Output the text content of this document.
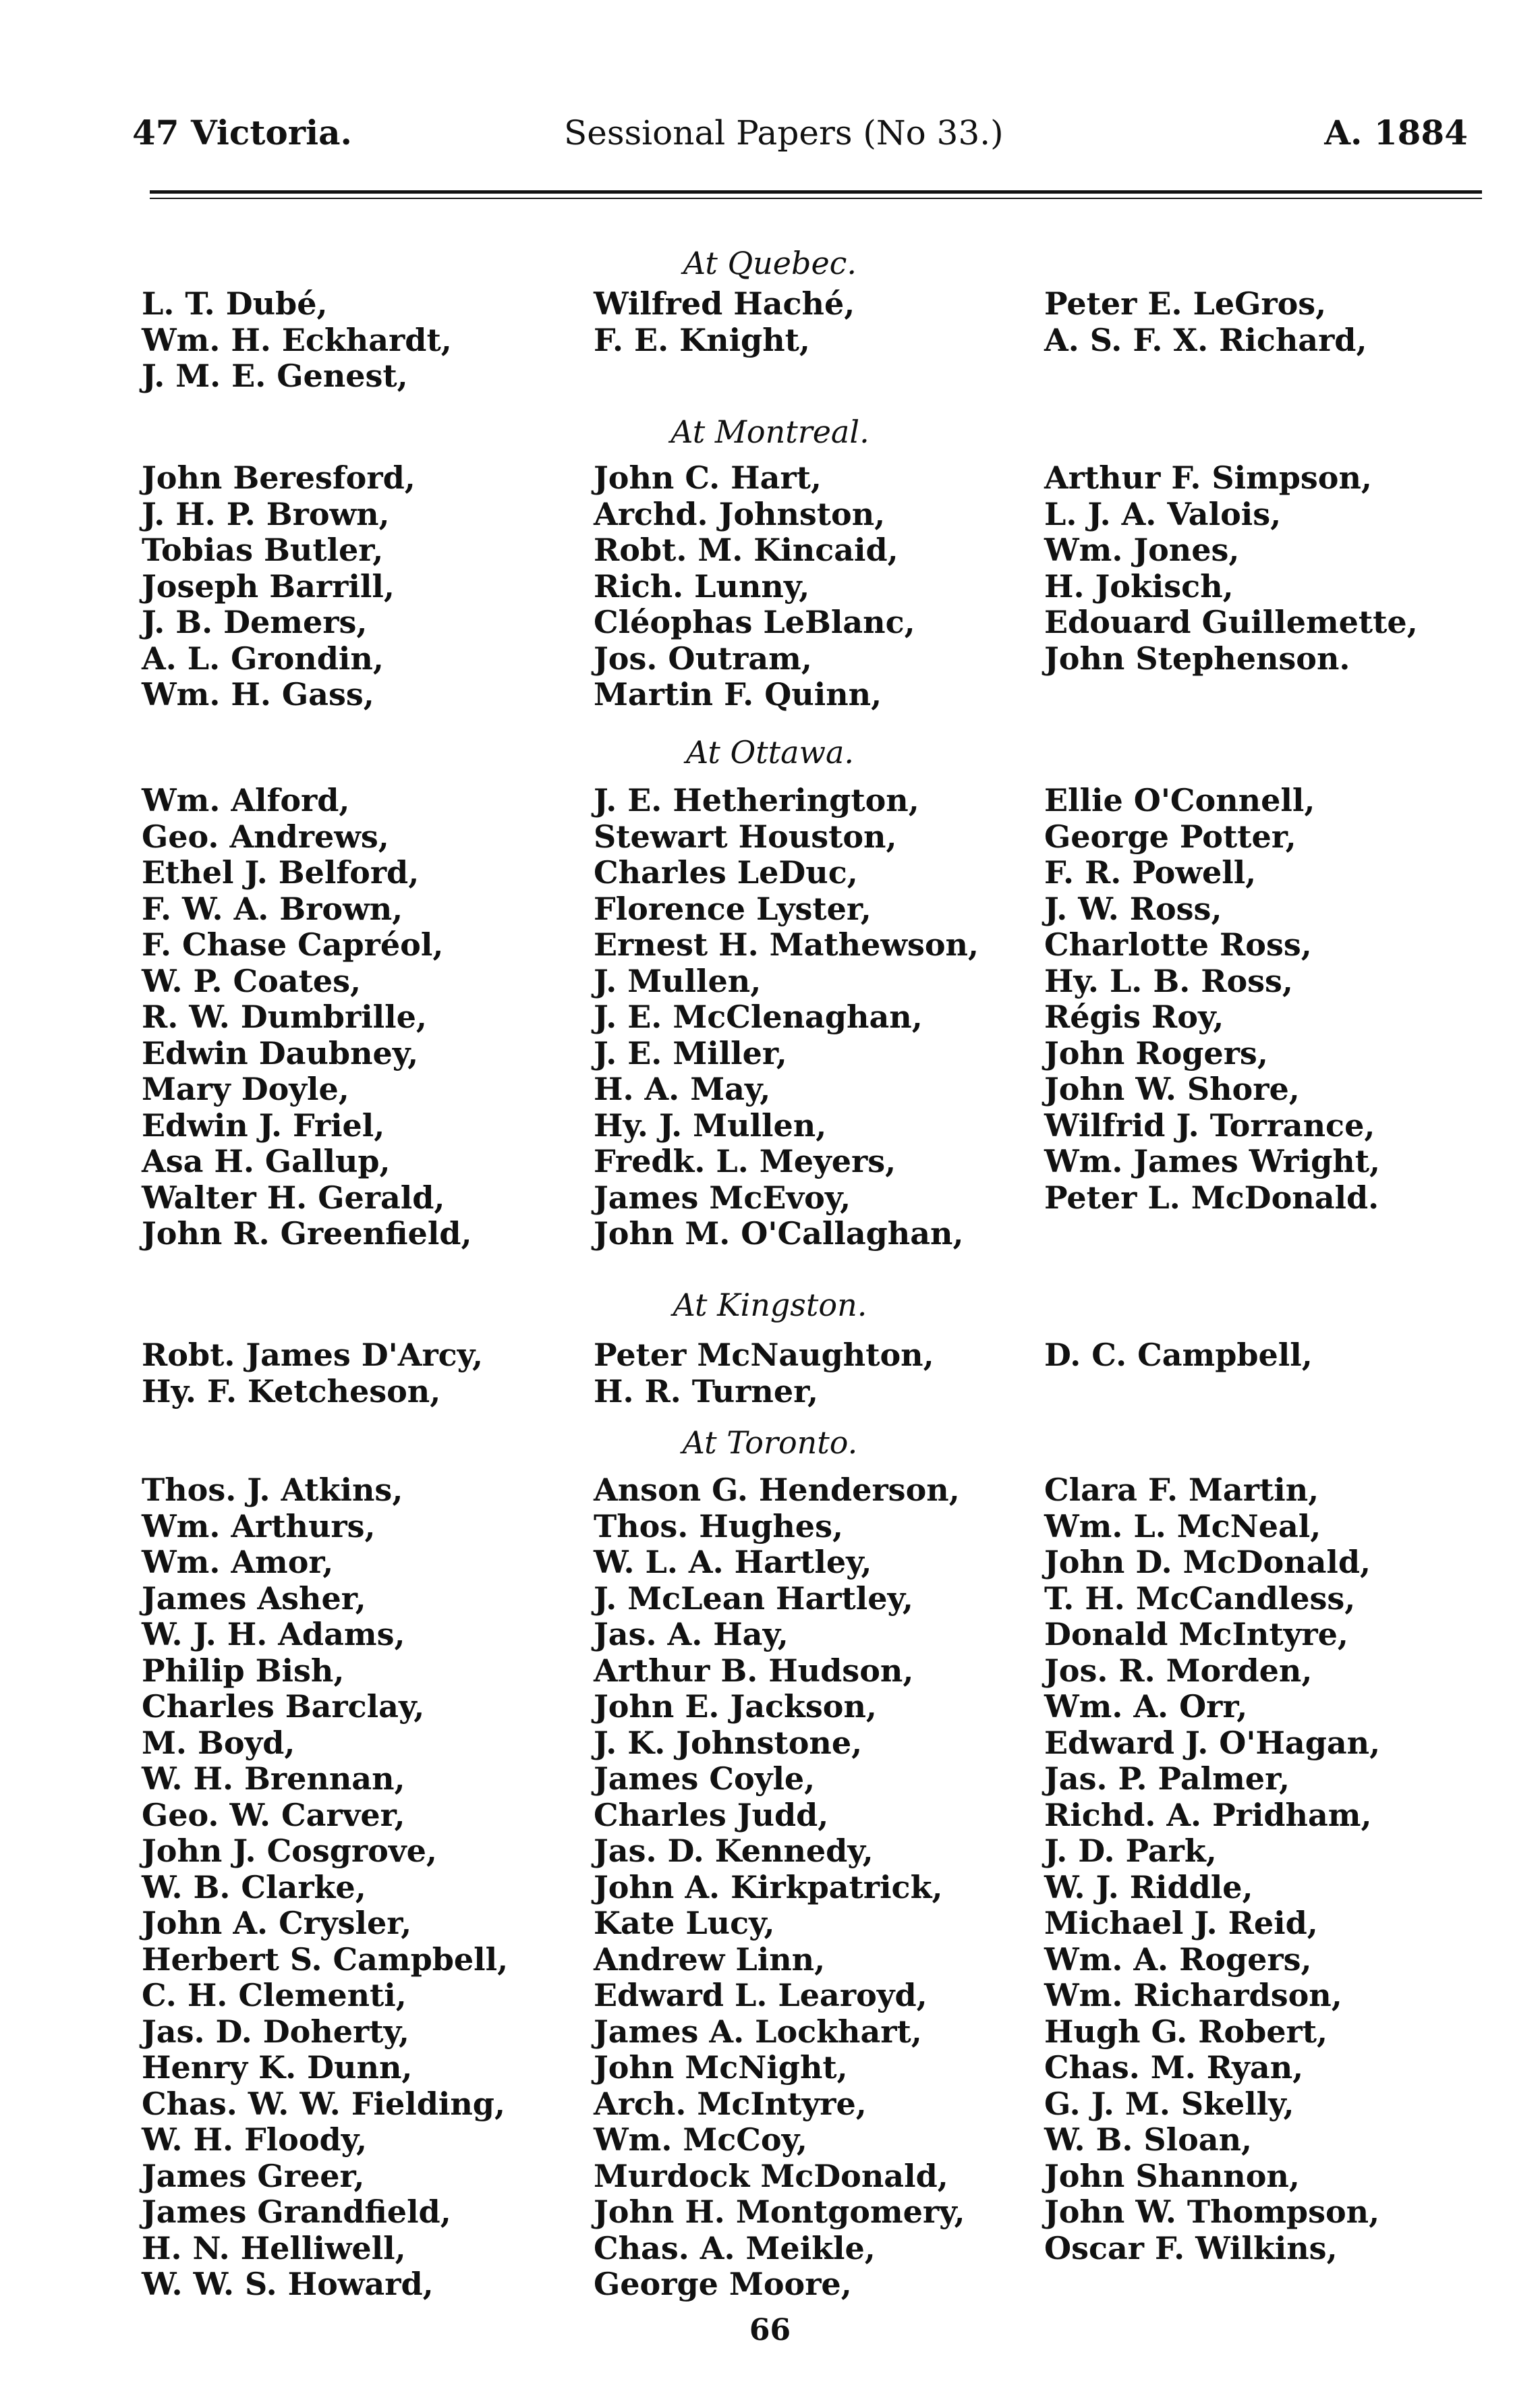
47 Victoria.	Sessional Papers (No 33.)	A. 1884
At Quebec.
L. T. Dubé,
Wm. H. Eckhardt,
J. M. E. Genest,
Wilfred Haché,
F. E. Knight,
Peter E. LeGros,
A. S. F. X. Richard,
At Montreal.
John Beresford,
J. H. P. Brown,
Tobias Butler,
Joseph Barrill,
J. B. Demers,
A. L. Grondin,
Wm. H. Gass,
John C. Hart,
Archd. Johnston,
Robt. M. Kincaid,
Rich. Lunny,
Cléophas LeBlanc,
Jos. Outram,
Martin F. Quinn,
Arthur F. Simpson,
L. J. A. Valois,
Wm. Jones,
H. Jokisch,
Edouard Guillemette,
John Stephenson.
At Ottawa.
Wm. Alford,
Geo. Andrews,
Ethel J. Belford,
F. W. A. Brown,
F. Chase Capréol,
W. P. Coates,
R. W. Dumbrille,
Edwin Daubney,
Mary Doyle,
Edwin J. Friel,
Asa H. Gallup,
Walter H. Gerald,
John R. Greenfield,
J. E. Hetherington,
Stewart Houston,
Charles LeDuc,
Florence Lyster,
Ernest H. Mathewson,
J. Mullen,
J. E. McClenaghan,
J. E. Miller,
H. A. May,
Hy. J. Mullen,
Fredk. L. Meyers,
James McEvoy,
John M. O'Callaghan,
Ellie O'Connell,
George Potter,
F. R. Powell,
J. W. Ross,
Charlotte Ross,
Hy. L. B. Ross,
Régis Roy,
John Rogers,
John W. Shore,
Wilfrid J. Torrance,
Wm. James Wright,
Peter L. McDonald.
At Kingston.
Robt. James D'Arcy,
Hy. F. Ketcheson,
Peter McNaughton,
H. R. Turner,
D. C. Campbell,
At Toronto.
Thos. J. Atkins,
Wm. Arthurs,
Wm. Amor,
James Asher,
W. J. H. Adams,
Philip Bish,
Charles Barclay,
M. Boyd,
W. H. Brennan,
Geo. W. Carver,
John J. Cosgrove,
W. B. Clarke,
John A. Crysler,
Herbert S. Campbell,
C. H. Clementi,
Jas. D. Doherty,
Henry K. Dunn,
Chas. W. W. Fielding,
W. H. Floody,
James Greer,
James Grandfield,
H. N. Helliwell,
W. W. S. Howard,
Anson G. Henderson,
Thos. Hughes,
W. L. A. Hartley,
J. McLean Hartley,
Jas. A. Hay,
Arthur B. Hudson,
John E. Jackson,
J. K. Johnstone,
James Coyle,
Charles Judd,
Jas. D. Kennedy,
John A. Kirkpatrick,
Kate Lucy,
Andrew Linn,
Edward L. Learoyd,
James A. Lockhart,
John McNight,
Arch. McIntyre,
Wm. McCoy,
Murdock McDonald,
John H. Montgomery,
Chas. A. Meikle,
George Moore,
Clara F. Martin,
Wm. L. McNeal,
John D. McDonald,
T. H. McCandless,
Donald McIntyre,
Jos. R. Morden,
Wm. A. Orr,
Edward J. O'Hagan,
Jas. P. Palmer,
Richd. A. Pridham,
J. D. Park,
W. J. Riddle,
Michael J. Reid,
Wm. A. Rogers,
Wm. Richardson,
Hugh G. Robert,
Chas. M. Ryan,
G. J. M. Skelly,
W. B. Sloan,
John Shannon,
John W. Thompson,
Oscar F. Wilkins,
66
